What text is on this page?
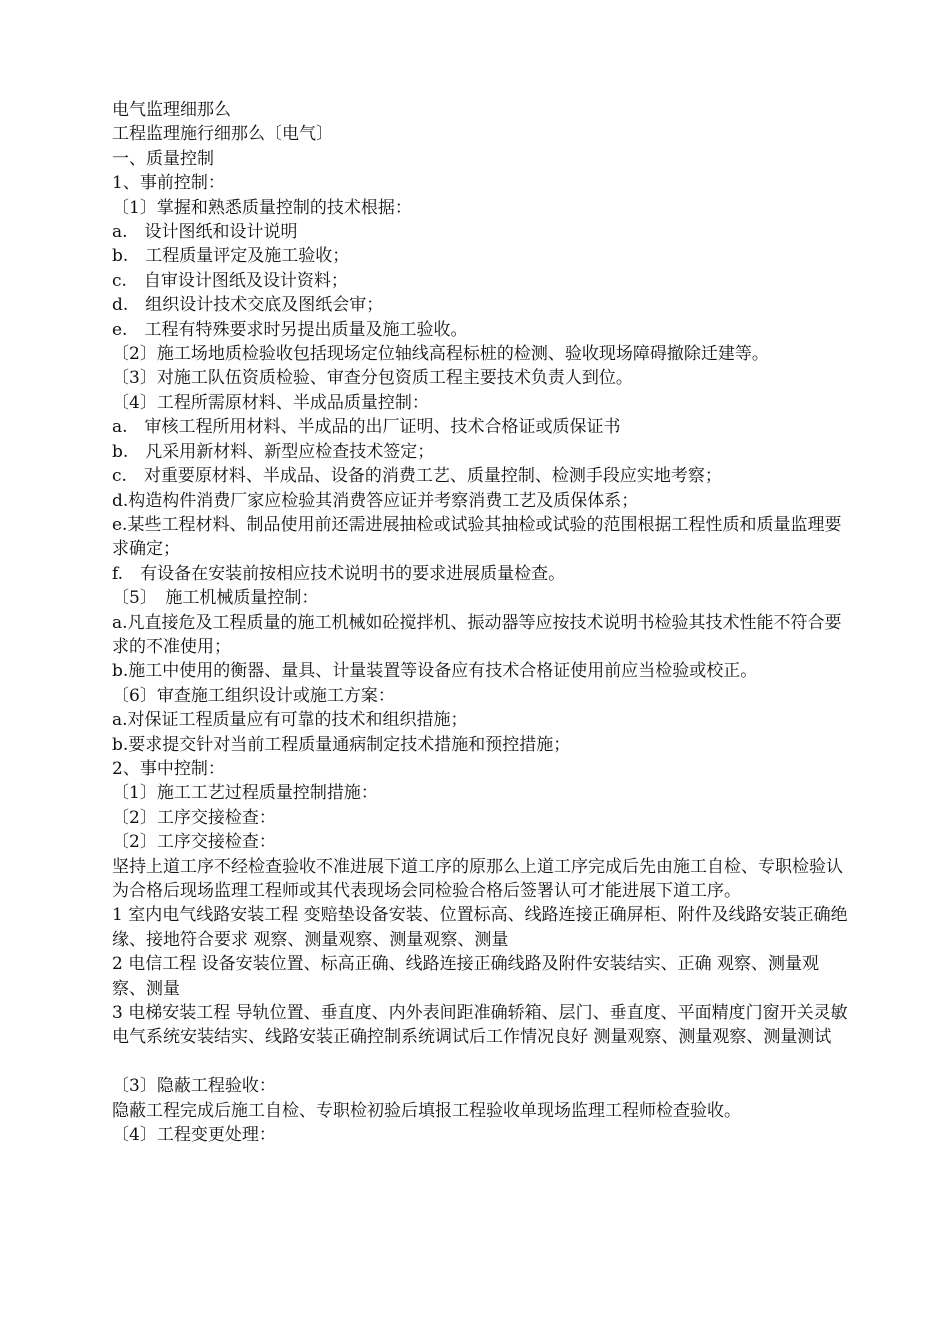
电气监理细那么
工程监理施行细那么〔电气〕
一、质量控制
1、事前控制：
〔1〕掌握和熟悉质量控制的技术根据：
a.　设计图纸和设计说明
b.　工程质量评定及施工验收；
c.　自审设计图纸及设计资料；
d.　组织设计技术交底及图纸会审；
e.　工程有特殊要求时另提出质量及施工验收。
〔2〕施工场地质检验收包括现场定位轴线高程标桩的检测、验收现场障碍撤除迁建等。
〔3〕对施工队伍资质检验、审查分包资质工程主要技术负责人到位。
〔4〕工程所需原材料、半成品质量控制：
a.　审核工程所用材料、半成品的出厂证明、技术合格证或质保证书
b.　凡采用新材料、新型应检查技术签定；
c.　对重要原材料、半成品、设备的消费工艺、质量控制、检测手段应实地考察；
d.构造构件消费厂家应检验其消费答应证并考察消费工艺及质保体系；
e.某些工程材料、制品使用前还需进展抽检或试验其抽检或试验的范围根据工程性质和质量监理要求确定；
f.　有设备在安装前按相应技术说明书的要求进展质量检查。
〔5〕　施工机械质量控制：
a.凡直接危及工程质量的施工机械如砼搅拌机、振动器等应按技术说明书检验其技术性能不符合要求的不准使用；
b.施工中使用的衡器、量具、计量装置等设备应有技术合格证使用前应当检验或校正。
〔6〕审查施工组织设计或施工方案：
a.对保证工程质量应有可靠的技术和组织措施；
b.要求提交针对当前工程质量通病制定技术措施和预控措施；
2、事中控制：
〔1〕施工工艺过程质量控制措施：
〔2〕工序交接检查：
〔2〕工序交接检查：
坚持上道工序不经检查验收不准进展下道工序的原那么上道工序完成后先由施工自检、专职检验认为合格后现场监理工程师或其代表现场会同检验合格后签署认可才能进展下道工序。
1 室内电气线路安装工程 变赔垫设备安装、位置标高、线路连接正确屏柜、附件及线路安装正确绝缘、接地符合要求 观察、测量观察、测量观察、测量
2 电信工程 设备安装位置、标高正确、线路连接正确线路及附件安装结实、正确 观察、测量观察、测量
3 电梯安装工程 导轨位置、垂直度、内外表间距准确轿箱、层门、垂直度、平面精度门窗开关灵敏电气系统安装结实、线路安装正确控制系统调试后工作情况良好 测量观察、测量观察、测量测试
〔3〕隐蔽工程验收：
隐蔽工程完成后施工自检、专职检初验后填报工程验收单现场监理工程师检查验收。
〔4〕工程变更处理：
